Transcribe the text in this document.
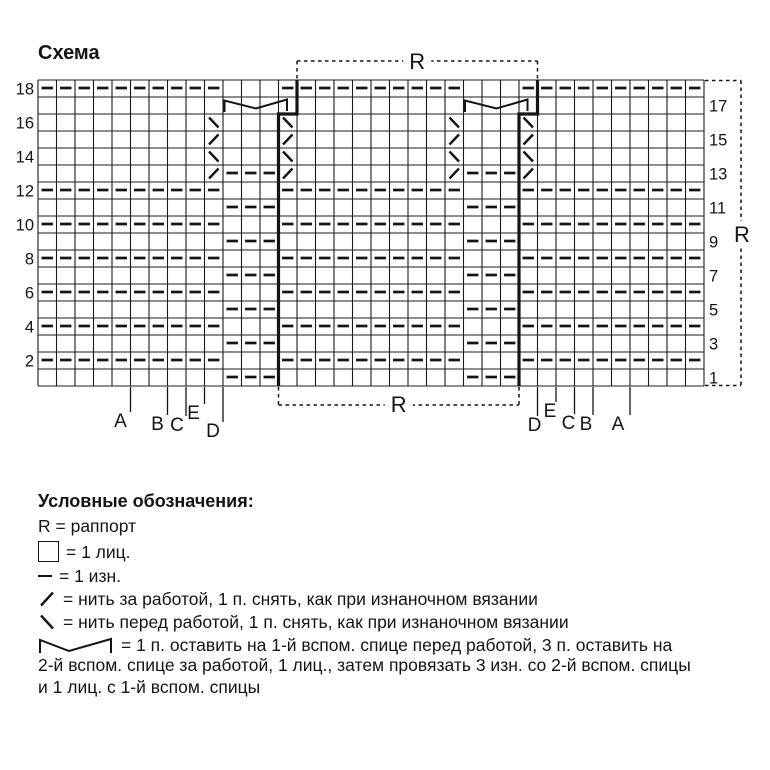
Схема	R
R
R
18
16
14
12
10
8
6
4
2
17
15
13
11
9
7
5
3
1
A B C
E
D	D
E
C B A
Условные обозначения:
R = раппорт
= 1 лиц.
= 1 изн.
= нить за работой, 1 п. снять, как при изнаночном вязании
= нить перед работой, 1 п. снять, как при изнаночном вязании
= 1 п. оставить на 1-й вспом. спице перед работой, 3 п. оставить на
2-й вспом. спице за работой, 1 лиц., затем провязать 3 изн. со 2-й вспом. спицы
и 1 лиц. с 1-й вспом. спицы
